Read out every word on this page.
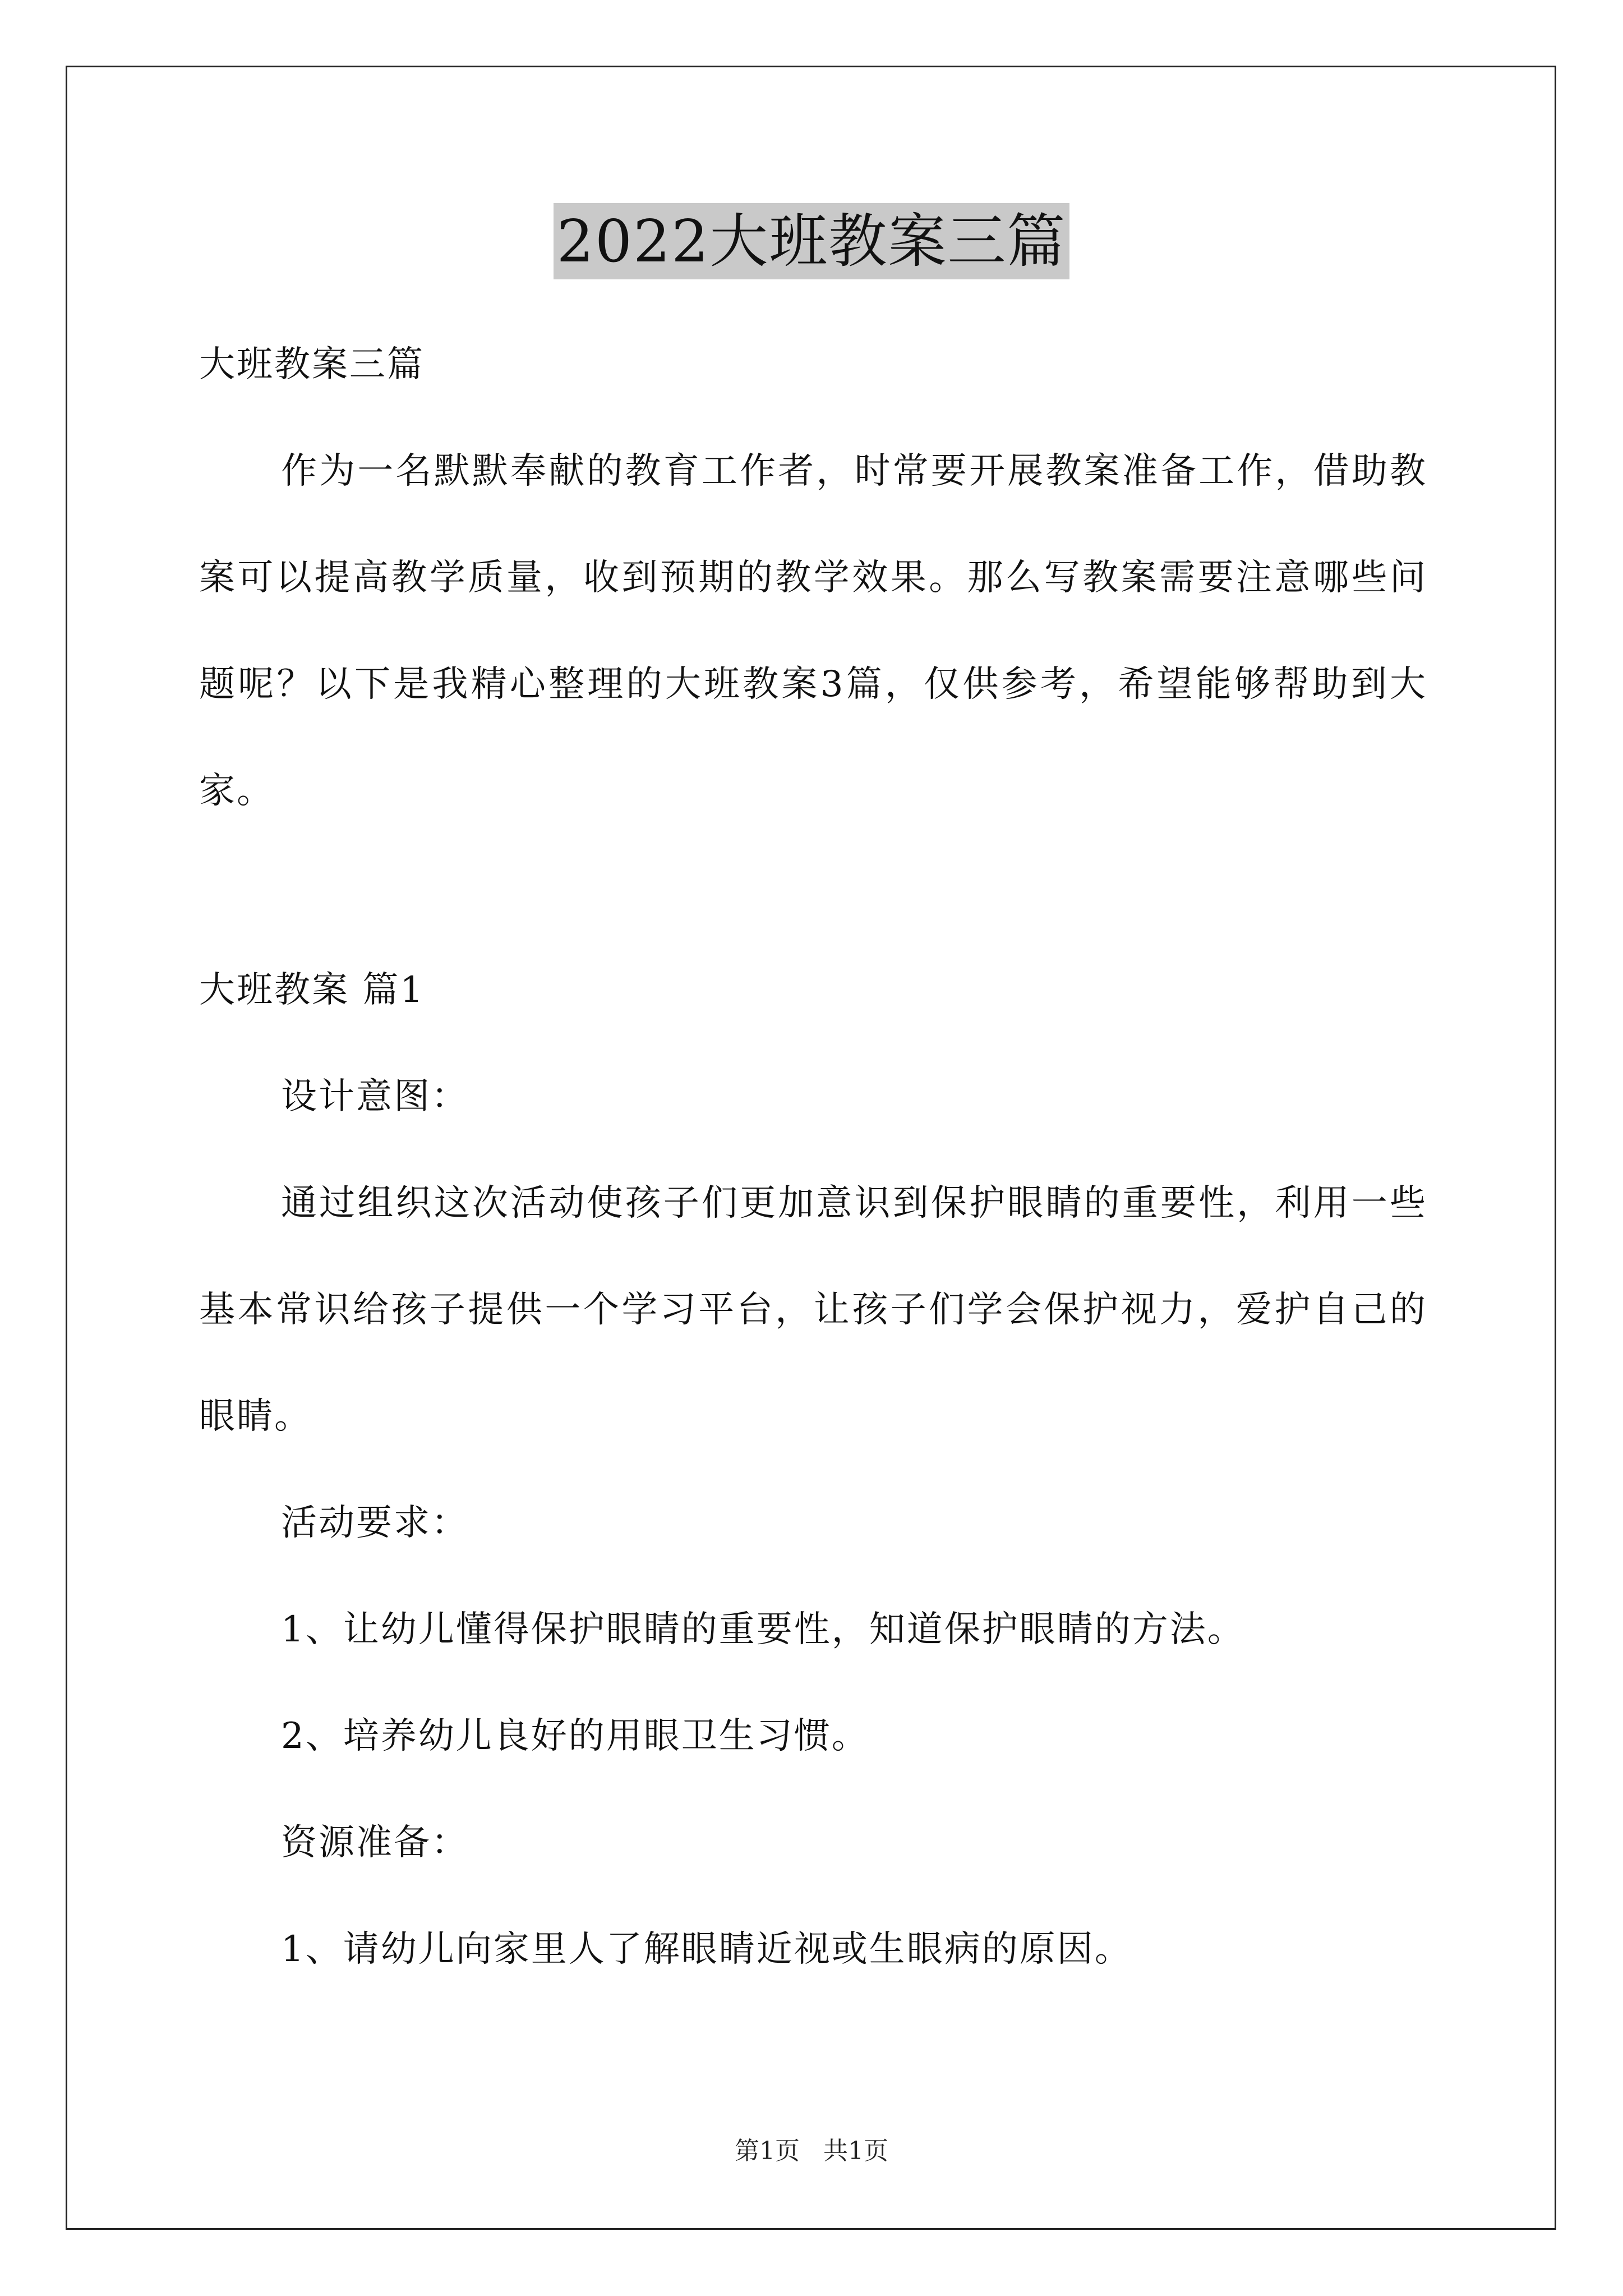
2022大班教案三篇

大班教案三篇

作为一名默默奉献的教育工作者，时常要开展教案准备工作，借助教案可以提高教学质量，收到预期的教学效果。那么写教案需要注意哪些问题呢？以下是我精心整理的大班教案3篇，仅供参考，希望能够帮助到大家。

大班教案 篇1

设计意图：

通过组织这次活动使孩子们更加意识到保护眼睛的重要性，利用一些基本常识给孩子提供一个学习平台，让孩子们学会保护视力，爱护自己的眼睛。

活动要求：

1、让幼儿懂得保护眼睛的重要性，知道保护眼睛的方法。

2、培养幼儿良好的用眼卫生习惯。

资源准备：

1、请幼儿向家里人了解眼睛近视或生眼病的原因。

第1页 共1页
